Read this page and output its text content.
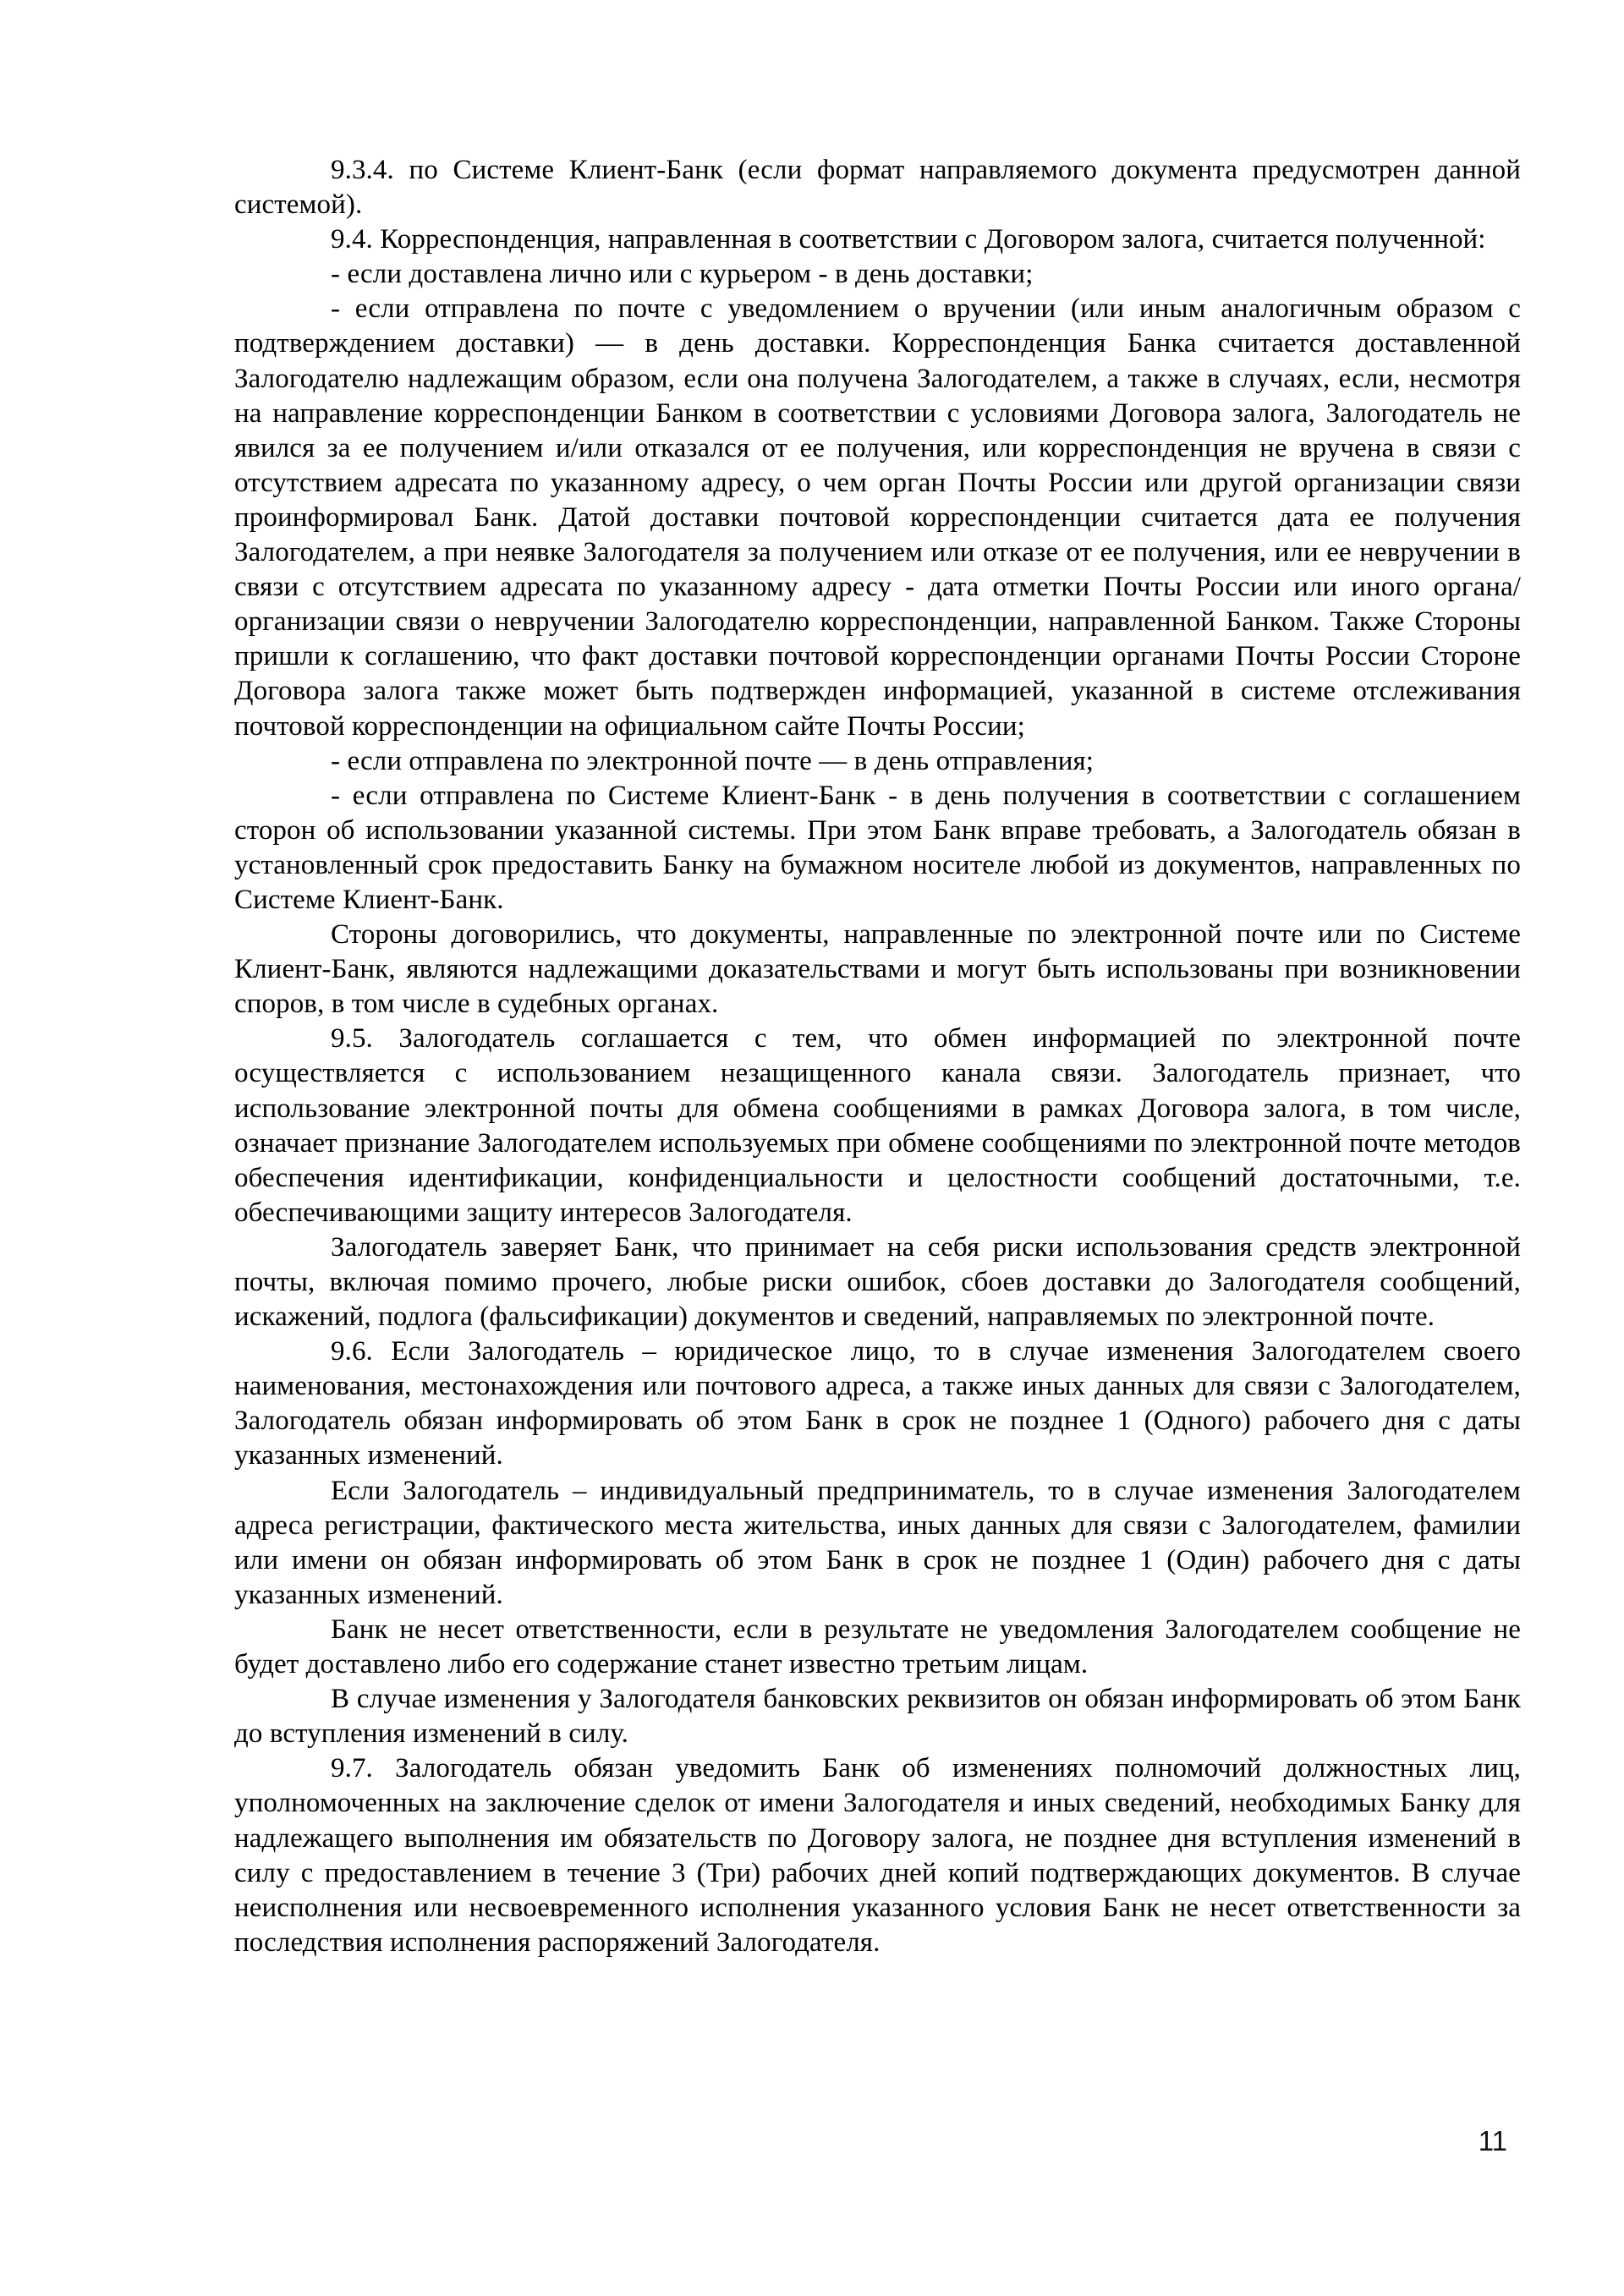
9.3.4. по Системе Клиент-Банк (если формат направляемого документа предусмотрен данной системой).

9.4. Корреспонденция, направленная в соответствии с Договором залога, считается полученной:

- если доставлена лично или с курьером - в день доставки;

- если отправлена по почте с уведомлением о вручении (или иным аналогичным образом с подтверждением доставки) — в день доставки. Корреспонденция Банка считается доставленной Залогодателю надлежащим образом, если она получена Залогодателем, а также в случаях, если, несмотря на направление корреспонденции Банком в соответствии с условиями Договора залога, Залогодатель не явился за ее получением и/или отказался от ее получения, или корреспонденция не вручена в связи с отсутствием адресата по указанному адресу, о чем орган Почты России или другой организации связи проинформировал Банк. Датой доставки почтовой корреспонденции считается дата ее получения Залогодателем, а при неявке Залогодателя за получением или отказе от ее получения, или ее невручении в связи с отсутствием адресата по указанному адресу - дата отметки Почты России или иного органа/организации связи о невручении Залогодателю корреспонденции, направленной Банком. Также Стороны пришли к соглашению, что факт доставки почтовой корреспонденции органами Почты России Стороне Договора залога также может быть подтвержден информацией, указанной в системе отслеживания почтовой корреспонденции на официальном сайте Почты России;

- если отправлена по электронной почте — в день отправления;

- если отправлена по Системе Клиент-Банк - в день получения в соответствии с соглашением сторон об использовании указанной системы. При этом Банк вправе требовать, а Залогодатель обязан в установленный срок предоставить Банку на бумажном носителе любой из документов, направленных по Системе Клиент-Банк.

Стороны договорились, что документы, направленные по электронной почте или по Системе Клиент-Банк, являются надлежащими доказательствами и могут быть использованы при возникновении споров, в том числе в судебных органах.

9.5. Залогодатель соглашается с тем, что обмен информацией по электронной почте осуществляется с использованием незащищенного канала связи. Залогодатель признает, что использование электронной почты для обмена сообщениями в рамках Договора залога, в том числе, означает признание Залогодателем используемых при обмене сообщениями по электронной почте методов обеспечения идентификации, конфиденциальности и целостности сообщений достаточными, т.е. обеспечивающими защиту интересов Залогодателя.

Залогодатель заверяет Банк, что принимает на себя риски использования средств электронной почты, включая помимо прочего, любые риски ошибок, сбоев доставки до Залогодателя сообщений, искажений, подлога (фальсификации) документов и сведений, направляемых по электронной почте.

9.6. Если Залогодатель – юридическое лицо, то в случае изменения Залогодателем своего наименования, местонахождения или почтового адреса, а также иных данных для связи с Залогодателем, Залогодатель обязан информировать об этом Банк в срок не позднее 1 (Одного) рабочего дня с даты указанных изменений.

Если Залогодатель – индивидуальный предприниматель, то в случае изменения Залогодателем адреса регистрации, фактического места жительства, иных данных для связи с Залогодателем, фамилии или имени он обязан информировать об этом Банк в срок не позднее 1 (Один) рабочего дня с даты указанных изменений.

Банк не несет ответственности, если в результате не уведомления Залогодателем сообщение не будет доставлено либо его содержание станет известно третьим лицам.

В случае изменения у Залогодателя банковских реквизитов он обязан информировать об этом Банк до вступления изменений в силу.

9.7. Залогодатель обязан уведомить Банк об изменениях полномочий должностных лиц, уполномоченных на заключение сделок от имени Залогодателя и иных сведений, необходимых Банку для надлежащего выполнения им обязательств по Договору залога, не позднее дня вступления изменений в силу с предоставлением в течение 3 (Три) рабочих дней копий подтверждающих документов. В случае неисполнения или несвоевременного исполнения указанного условия Банк не несет ответственности за последствия исполнения распоряжений Залогодателя.

11
